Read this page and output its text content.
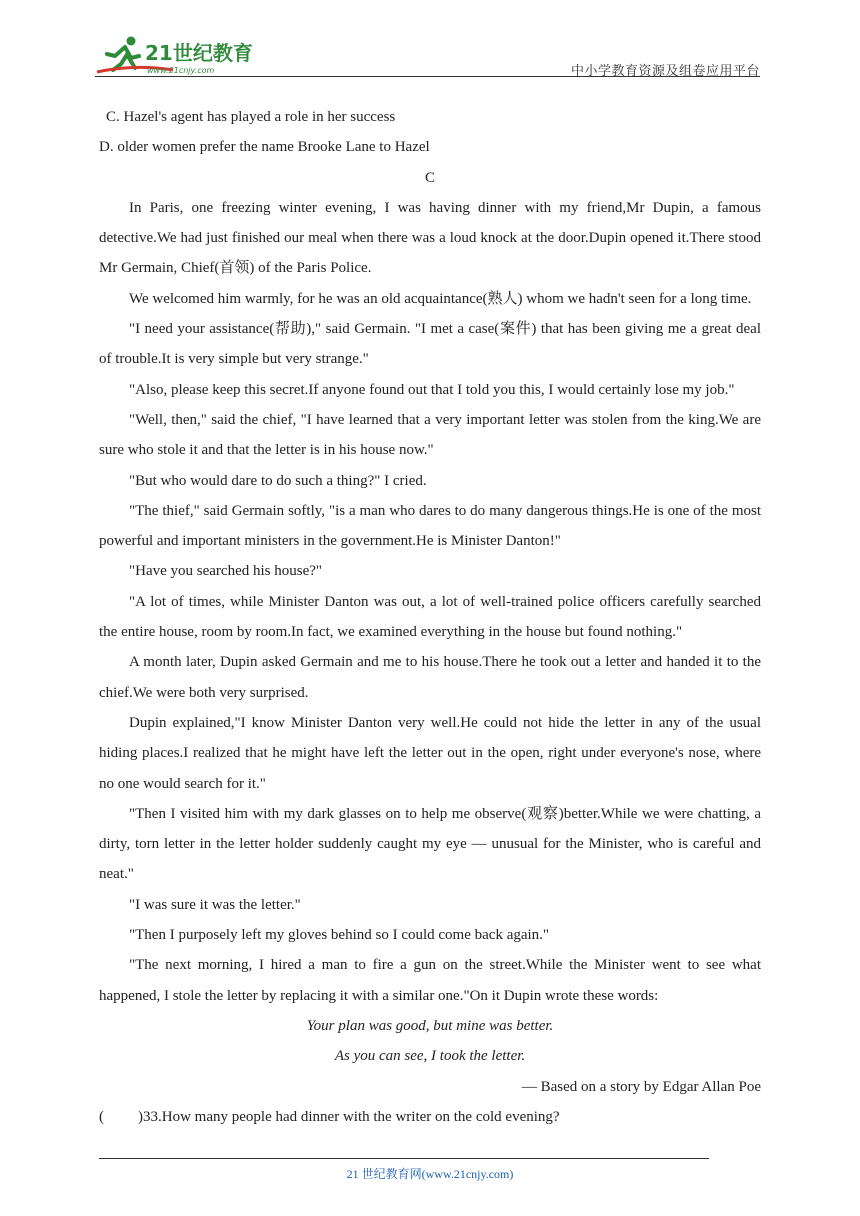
21世纪教育
www.21cnjy.com	中小学教育资源及组卷应用平台

C. Hazel's agent has played a role in her success

D. older women prefer the name Brooke Lane to Hazel

C

In Paris, one freezing winter evening, I was having dinner with my friend,Mr Dupin, a famous detective.We had just finished our meal when there was a loud knock at the door.Dupin opened it.There stood Mr Germain, Chief(首领) of the Paris Police.

We welcomed him warmly, for he was an old acquaintance(熟人) whom we hadn't seen for a long time.

"I need your assistance(帮助)," said Germain. "I met a case(案件) that has been giving me a great deal of trouble.It is very simple but very strange."

"Also, please keep this secret.If anyone found out that I told you this, I would certainly lose my job."

"Well, then," said the chief, "I have learned that a very important letter was stolen from the king.We are sure who stole it and that the letter is in his house now."

"But who would dare to do such a thing?" I cried.

"The thief," said Germain softly, "is a man who dares to do many dangerous things.He is one of the most powerful and important ministers in the government.He is Minister Danton!"

"Have you searched his house?"

"A lot of times, while Minister Danton was out, a lot of well-trained police officers carefully searched the entire house, room by room.In fact, we examined everything in the house but found nothing."

A month later, Dupin asked Germain and me to his house.There he took out a letter and handed it to the chief.We were both very surprised.

Dupin explained,"I know Minister Danton very well.He could not hide the letter in any of the usual hiding places.I realized that he might have left the letter out in the open, right under everyone's nose, where no one would search for it."

"Then I visited him with my dark glasses on to help me observe(观察)better.While we were chatting, a dirty, torn letter in the letter holder suddenly caught my eye — unusual for the Minister, who is careful and neat."

"I was sure it was the letter."

"Then I purposely left my gloves behind so I could come back again."

"The next morning, I hired a man to fire a gun on the street.While the Minister went to see what happened, I stole the letter by replacing it with a similar one."On it Dupin wrote these words:

Your plan was good, but mine was better.

As you can see, I took the letter.

— Based on a story by Edgar Allan Poe

( )33.How many people had dinner with the writer on the cold evening?

21 世纪教育网(www.21cnjy.com)
